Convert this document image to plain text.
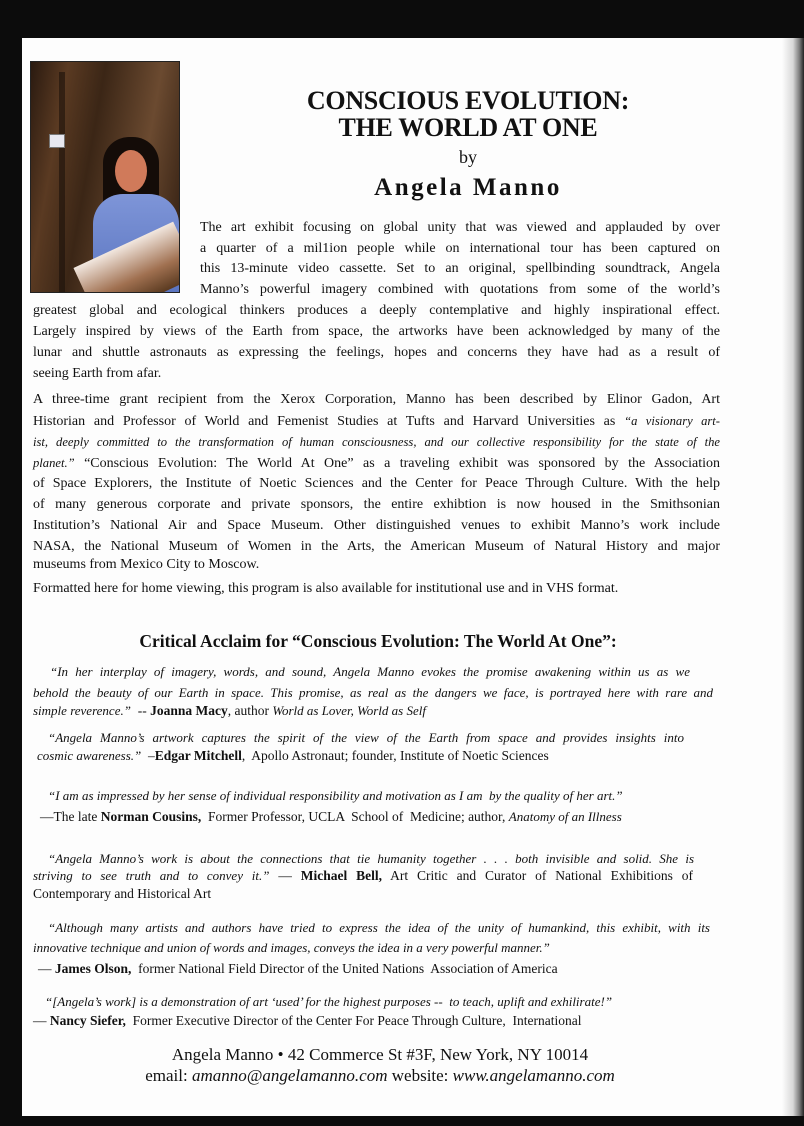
CONSCIOUS EVOLUTION:
THE WORLD AT ONE
by
Angela Manno
The art exhibit focusing on global unity that was viewed and applauded by over
a quarter of a mil1ion people while on international tour has been captured on
this 13-minute video cassette. Set to an original, spellbinding soundtrack, Angela
Manno’s powerful imagery combined with quotations from some of the world’s
greatest global and ecological thinkers produces a deeply contemplative and highly inspirational effect.
Largely inspired by views of the Earth from space, the artworks have been acknowledged by many of the
lunar and shuttle astronauts as expressing the feelings, hopes and concerns they have had as a result of
seeing Earth from afar.
A three-time grant recipient from the Xerox Corporation, Manno has been described by Elinor Gadon, Art
Historian and Professor of World and Femenist Studies at Tufts and Harvard Universities as “a visionary art-
ist, deeply committed to the transformation of human consciousness, and our collective responsibility for the state of the
planet.” “Conscious Evolution: The World At One” as a traveling exhibit was sponsored by the Association
of Space Explorers, the Institute of Noetic Sciences and the Center for Peace Through Culture. With the help
of many generous corporate and private sponsors, the entire exhibtion is now housed in the Smithsonian
Institution’s National Air and Space Museum. Other distinguished venues to exhibit Manno’s work include
NASA, the National Museum of Women in the Arts, the American Museum of Natural History and major
museums from Mexico City to Moscow.
Formatted here for home viewing, this program is also available for institutional use and in VHS format.
Critical Acclaim for “Conscious Evolution: The World At One”:
“In her interplay of imagery, words, and sound, Angela Manno evokes the promise awakening within us as we
behold the beauty of our Earth in space. This promise, as real as the dangers we face, is portrayed here with rare and
simple reverence.”  -- Joanna Macy, author World as Lover, World as Self
“Angela Manno’s artwork captures the spirit of the view of the Earth from space and provides insights into
cosmic awareness.”  –Edgar Mitchell,  Apollo Astronaut; founder, Institute of Noetic Sciences
“I am as impressed by her sense of individual responsibility and motivation as I am  by the quality of her art.”
—The late Norman Cousins,  Former Professor, UCLA  School of  Medicine; author, Anatomy of an Illness
“Angela Manno’s work is about the connections that tie humanity together . . . both invisible and solid. She is
striving to see truth and to convey it.” — Michael Bell, Art Critic and Curator of National Exhibitions of
Contemporary and Historical Art
“Although many artists and authors have tried to express the idea of the unity of humankind, this exhibit, with its
innovative technique and union of words and images, conveys the idea in a very powerful manner.”
— James Olson,  former National Field Director of the United Nations  Association of America
“[Angela’s work] is a demonstration of art ‘used’ for the highest purposes --  to teach, uplift and exhilirate!”
— Nancy Siefer,  Former Executive Director of the Center For Peace Through Culture,  International
Angela Manno • 42 Commerce St #3F, New York, NY 10014
email: amanno@angelamanno.com website: www.angelamanno.com
